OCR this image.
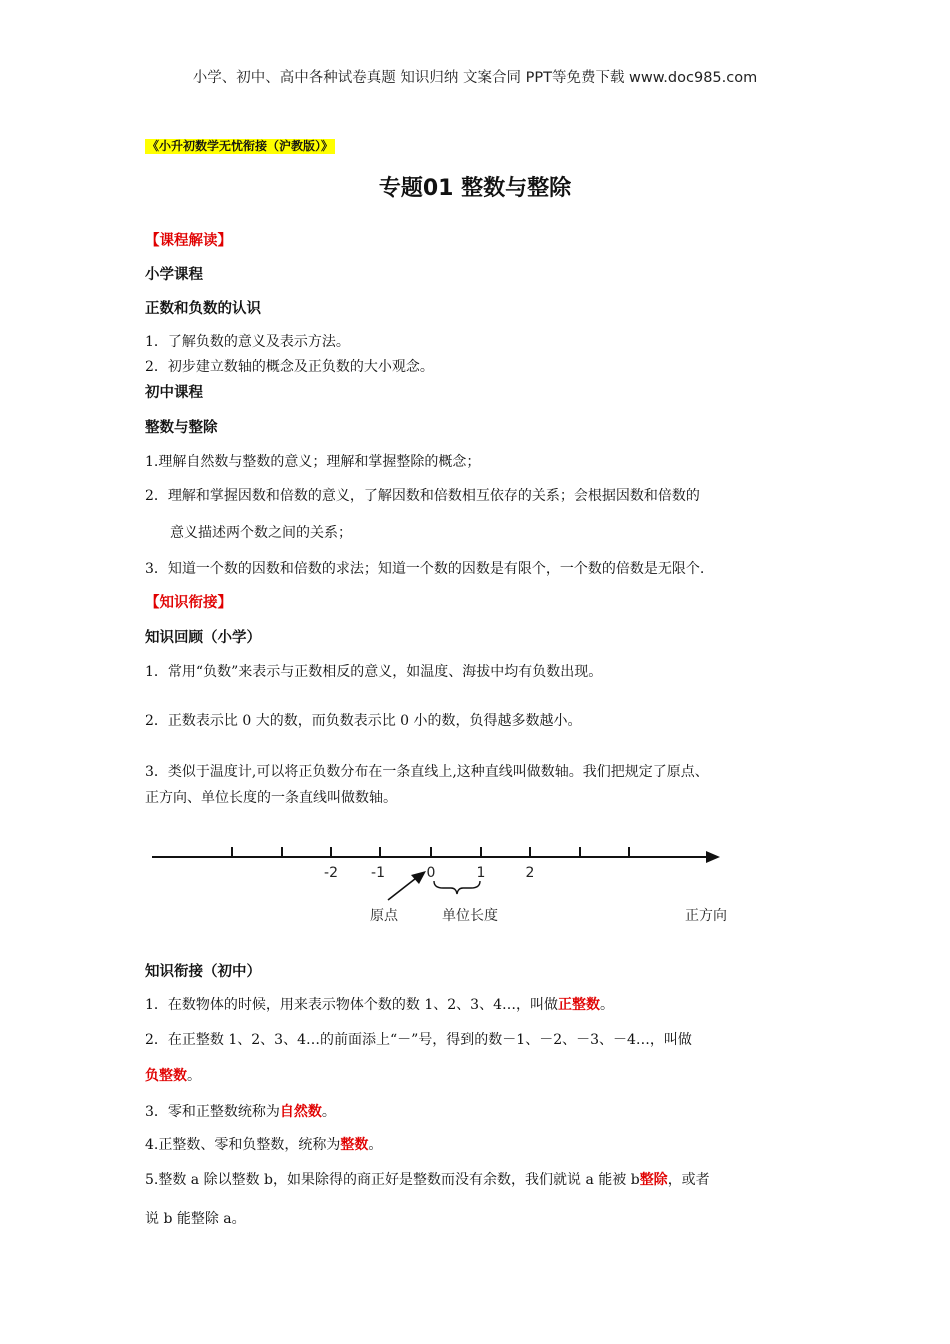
小学、初中、高中各种试卷真题 知识归纳 文案合同 PPT等免费下载 www.doc985.com
《小升初数学无忧衔接（沪教版）》
专题01 整数与整除
【课程解读】
小学课程
正数和负数的认识
1．了解负数的意义及表示方法。
2．初步建立数轴的概念及正负数的大小观念。
初中课程
整数与整除
1.理解自然数与整数的意义；理解和掌握整除的概念；
2．理解和掌握因数和倍数的意义，了解因数和倍数相互依存的关系；会根据因数和倍数的
意义描述两个数之间的关系；
3．知道一个数的因数和倍数的求法；知道一个数的因数是有限个，一个数的倍数是无限个.
【知识衔接】
知识回顾（小学）
1．常用“负数”来表示与正数相反的意义，如温度、海拔中均有负数出现。
2．正数表示比 0 大的数，而负数表示比 0 小的数，负得越多数越小。
3．类似于温度计,可以将正负数分布在一条直线上,这种直线叫做数轴。我们把规定了原点、
正方向、单位长度的一条直线叫做数轴。
-2 -1	0	1	2
原点	单位长度	正方向
知识衔接（初中）
1．在数物体的时候，用来表示物体个数的数 1、2、3、4…，叫做正整数。
2．在正整数 1、2、3、4…的前面添上“－”号，得到的数－1、－2、－3、－4…，叫做
负整数。
3．零和正整数统称为自然数。
4.正整数、零和负整数，统称为整数。
5.整数 a 除以整数 b，如果除得的商正好是整数而没有余数，我们就说 a 能被 b整除，或者
说 b 能整除 a。
